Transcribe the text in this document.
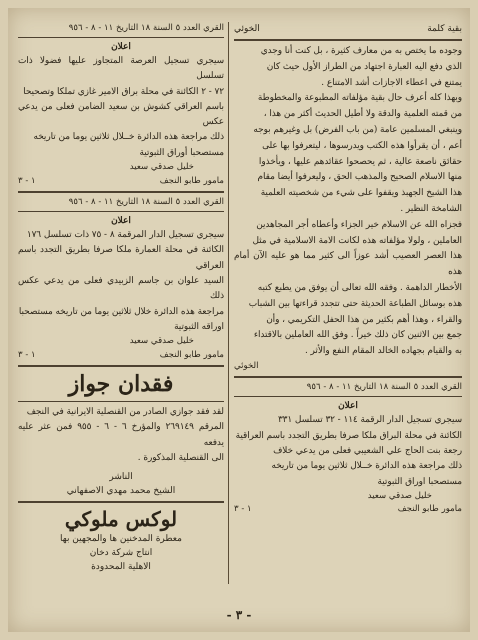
بقية كلمة
الخوئي
وجوده ما يختص به من معارف كثيرة ، بل كنت أنا وجدي
الذي دفع اليه العبارة اجتهاد من الطراز الأول حيث كان
يمتنع في اعطاء الاجازات أشد الامتناع .
وبهذا كله أعرف حال بقية مؤلفاته المطبوعة والمخطوطة
من قمته العلمية والدقة ولا أطيل الحديث أكثر من هذا ،
وينبغي المسلمين عامة (من باب الفرض) بل وغيرهم بوجه
أعم ، أن يقرأوا هذه الكتب ويدرسوها ، ليتعرفوا بها على
حقائق ناصعة عالية ، ثم يحصحوا عقائدهم عليها ، ويأخذوا
منها الاسلام الصحيح والمذهب الحق ، وليعرفوا أيضا مقام
هذا الشيخ الجهبذ ويقفوا على شيء من شخصيته العلمية
الشامخة النظير .
فجزاه الله عن الاسلام خير الجزاء وأعطاه أجر المجاهدين
العاملين ، ولولا مؤلفاته هذه لكانت الامة الاسلامية في مثل
هذا العصر العصيب أشد عوزاً الى كثير مما هو عليه الآن أمام هذه
الأخطار الداهمة . وفقه الله تعالى أن يوفق من يطبع كتبه
هذه بوسائل الطباعة الحديثة حتى تتجدد قراءتها بين الشباب
والقراء ، وهذا أهم بكثير من هذا الحفل التكريمي ، وأن
جمع بين الاثنين كان ذلك خيراً . وفق الله العاملين بالاقتداء
به والقيام بجهاده الخالد المقام النفع والأثر .
الخوئي
القري العدد ٥ السنة ١٨ التاريخ ١١ - ٨ - ٩٥٦
اعلان
سيجري تسجيل الدار الرقمة ١١٤ - ٣٢ تسلسل ٣٣١
الكائنة في محلة البراق ملكا صرفا بطريق التجدد باسم العراقية
رجعة بنت الحاج علي الشعيبي فعلى من يدعي خلاف
ذلك مراجعة هذه الدائرة خــلال ثلاثين يوما من تاريخه
مستصحبا اوراق الثبوتية
خليل صدقي سعيد
مامور طابو النجف
١ - ٣
القري العدد ٥ السنة ١٨ التاريخ ١١ - ٨ - ٩٥٦
اعلان
سيجري تسجيل العرصة المتجاوز عليها فضولا ذات تسلسل
٧٢ - ٢ الكائنة في محلة براق الامير غازي تملكا وتصحيحا
باسم العراقي كشوش بن سعيد الضامن فعلى من يدعي عكس
ذلك مراجعة هذه الدائرة خــلال ثلاثين يوما من تاريخه
مستصحبا أوراق الثبوتية
خليل صدقي سعيد
مامور طابو النجف
١ - ٣
القري العدد ٥ السنة ١٨ التاريخ ١١ - ٨ - ٩٥٦
اعلان
سيجري تسجيل الدار المرقمة ٨ - ٧٥ ذات تسلسل ١٧٦
الكائنة في محلة العمارة ملكا صرفا بطريق التجدد باسم العراقي
السيد علوان بن جاسم الزبيدي فعلى من يدعي عكس ذلك
مراجعة هذه الدائرة خلال ثلاثين يوما من تاريخه مستصحبا
اوراقه الثبوتية
خليل صدقي سعيد
مامور طابو النجف
١ - ٣
فقدان جواز
لقد فقد جوازي الصادر من القنصلية الايرانية في النجف
المرقم ٢٦٩١٤٩ والمؤرخ ٦ - ٦ - ٩٥٥ فمن عثر عليه يدفعه
الى القنصلية المذكورة .
الناشر
الشيخ محمد مهدي الاصفهاني
لوكس ملوكي
معطرة المدخنين ها والمجهين بها
انتاج شركة دخان
الاهلية المحدودة
- ٣ -
